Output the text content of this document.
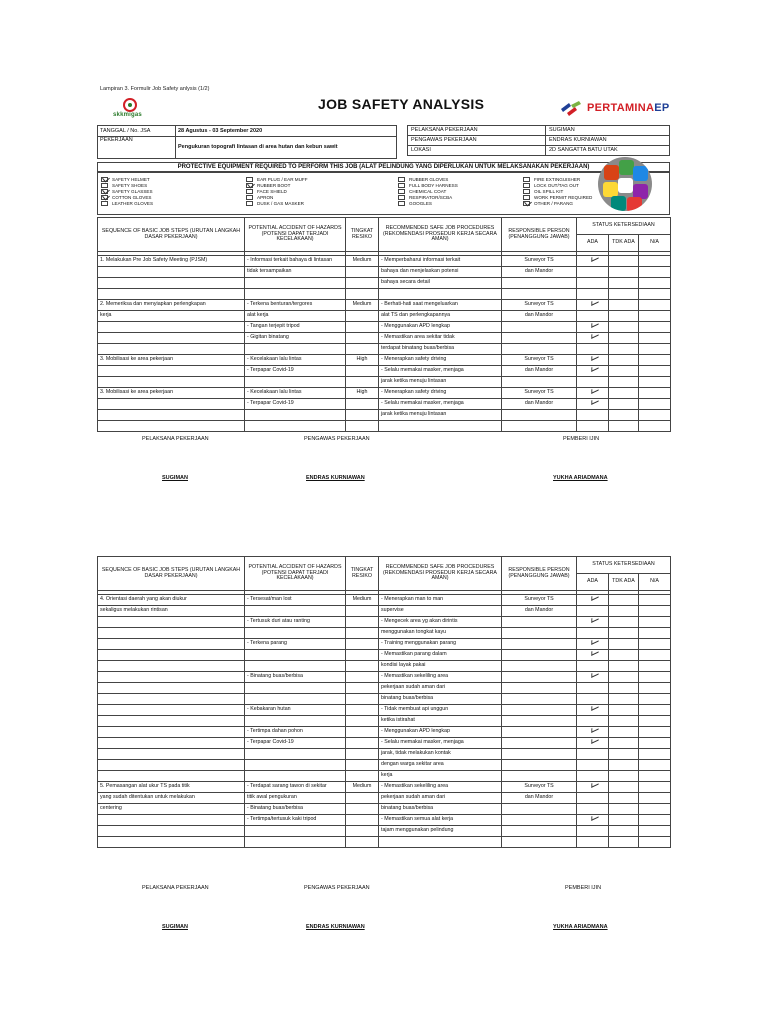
Lampiran 3. Formulir Job Safety anlysis (1/2)
skkmigas
JOB SAFETY ANALYSIS	PERTAMINAEP
TANGGAL / No. JSA	28 Agustus - 03 September 2020
PEKERJAAN	Pengukuran topografi lintasan di area hutan dan kebun sawit
PELAKSANA PEKERJAAN	SUGIMAN
PENGAWAS PEKERJAAN	ENDRAS KURNIAWAN
LOKASI	2D SANGATTA BATU UTAK
PROTECTIVE EQUIPMENT REQUIRED TO PERFORM THIS JOB (ALAT PELINDUNG YANG DIPERLUKAN UNTUK MELAKSANAKAN PEKERJAAN)
SAFETY HELMET
SAFETY SHOES
SAFETY GLASSES
COTTON GLOVES
LEATHER GLOVES
EAR PLUG / EAR MUFF
RUBBER BOOT
FACE SHIELD
APRON
DUSK / GAS MASKER
RUBBER GLOVES
FULL BODY HARNESS
CHEMICAL COAT
RESPIRATOR/SCBA
GOOGLES
FIRE EXTINGUISHER
LOCK OUT/TAG OUT
OIL SPILL KIT
WORK PERMIT REQUIRED
OTHER / PARANG
SEQUENCE OF BASIC JOB STEPS (URUTAN LANGKAH DASAR PEKERJAAN)	POTENTIAL ACCIDENT OF HAZARDS (POTENSI DAPAT TERJADI KECELAKAAN)	TINGKAT RESIKO	RECOMMENDED SAFE JOB PROCEDURES (REKOMENDASI PROSEDUR KERJA SECARA AMAN)	RESPONSIBLE PERSON (PENANGGUNG JAWAB)	STATUS KETERSEDIAAN		
					ADA	TDK ADA	N/A

1. Melakukan Pre Job Safety Meeting (PJSM)	- Informasi terkait bahaya di lintasan	Medium	- Memperbaharui informasi terkait	Surveyor TS			
	tidak tersampaikan		bahaya dan menjelaskan potensi	dan Mandor			
			bahaya secara detail				

2. Memeriksa dan menyiapkan perlengkapan	- Terkena benturan/tergores	Medium	- Berhati-hati saat mengeluarkan	Surveyor TS			
kerja	alat kerja		alat TS dan perlengkapannya	dan Mandor			
	- Tangan terjepit tripod		- Menggunakan APD lengkap				
	- Gigitan binatang		- Memastikan area sekitar tidak				
			terdapat binatang buas/berbisa				
3. Mobilisasi ke area pekerjaan	- Kecelakaan lalu lintas	High	- Menerapkan safety driving	Surveyor TS			
	- Terpapar Covid-19		- Selalu memakai masker, menjaga	dan Mandor			
			jarak ketika menuju lintasan				
3. Mobilisasi ke area pekerjaan	- Kecelakaan lalu lintas	High	- Menerapkan safety driving	Surveyor TS			
	- Terpapar Covid-19		- Selalu memakai masker, menjaga	dan Mandor			
			jarak ketika menuju lintasan				

PELAKSANA PEKERJAAN	PENGAWAS PEKERJAAN	PEMBERI IJIN
SUGIMAN	ENDRAS KURNIAWAN	YUKHA ARIADMANA
SEQUENCE OF BASIC JOB STEPS (URUTAN LANGKAH DASAR PEKERJAAN)	POTENTIAL ACCIDENT OF HAZARDS (POTENSI DAPAT TERJADI KECELAKAAN)	TINGKAT RESIKO	RECOMMENDED SAFE JOB PROCEDURES (REKOMENDASI PROSEDUR KERJA SECARA AMAN)	RESPONSIBLE PERSON (PENANGGUNG JAWAB)	STATUS KETERSEDIAAN		
					ADA	TDK ADA	N/A

4. Orientasi daerah yang akan diukur	- Tersesat/man lost	Medium	- Menerapkan man to man	Surveyor TS			
sekaligus melakukan rintisan			supervise	dan Mandor			
	- Tertusuk duri atau ranting		- Mengecek area yg akan dirintis				
			menggunakan tongkat kayu				
	- Terkena parang		- Training menggunakan parang				
			- Memastikan parang dalam				
			kondisi layak pakai				
	- Binatang buas/berbisa		- Memastikan sekeliling area				
			pekerjaan sudah aman dari				
			binatang buas/berbisa				
	- Kebakaran hutan		- Tidak membuat api unggun				
			ketika istirahat				
	- Tertimpa dahan pohon		- Menggunakan APD lengkap				
	- Terpapar Covid-19		- Selalu memakai masker, menjaga				
			jarak, tidak melakukan kontak				
			dengan warga sekitar area				
			kerja				
5. Pemasangan alat ukur TS pada titik	- Terdapat sarang tawon di sekitar	Medium	- Memastikan sekeliling area	Surveyor TS			
yang sudah ditentukan untuk melakukan	titik awal pengukuran		pekerjaan sudah aman dari	dan Mandor			
centering	- Binatang buas/berbisa		binatang buas/berbisa				
	- Tertimpa/tertusuk kaki tripod		- Memastikan semua alat kerja				
			tajam menggunakan pelindung				

PELAKSANA PEKERJAAN	PENGAWAS PEKERJAAN	PEMBERI IJIN
SUGIMAN	ENDRAS KURNIAWAN	YUKHA ARIADMANA
